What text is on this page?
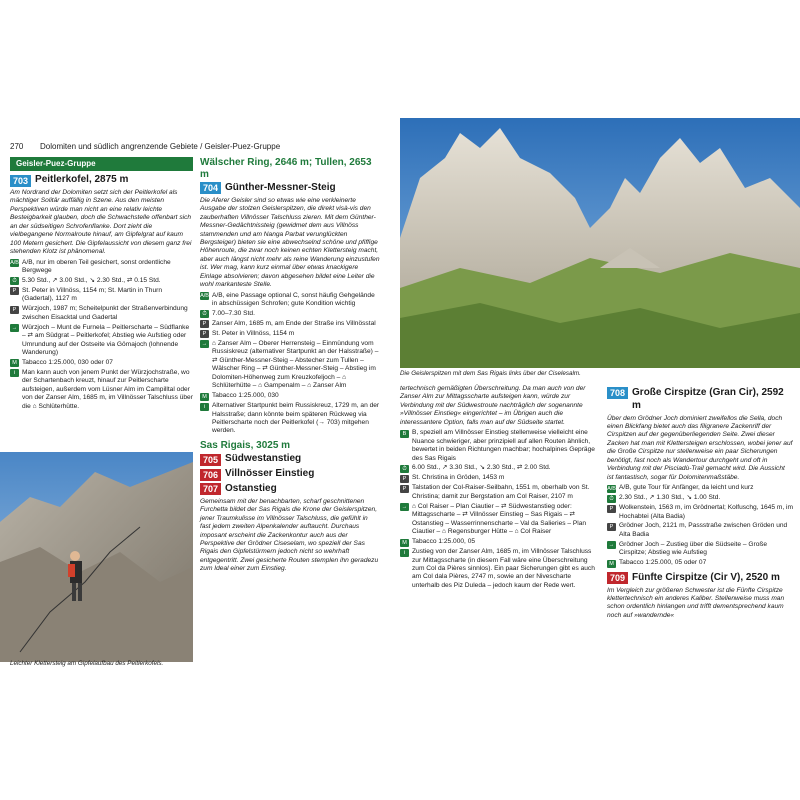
270 Dolomiten und südlich angrenzende Gebiete / Geisler-Puez-Gruppe
Geisler-Puez-Gruppe
703 Peitlerkofel, 2875 m

Am Nordrand der Dolomiten setzt sich der Peitlerkofel als mächtiger Solitär auffällig in Szene. Aus den meisten Perspektiven würde man nicht an eine relativ leichte Besteigbarkeit glauben, doch die Schwachstelle offenbart sich an der südseitigen Schrofenflanke. Dort zieht die vielbegangene Normalroute hinauf, am Gipfelgrat auf kaum 100 Metern gesichert. Die Gipfelaussicht von diesem ganz frei stehenden Klotz ist phänomenal.

A/B A/B, nur im oberen Teil gesichert, sonst ordentliche Bergwege
⏱ 5.30 Std., ↗ 3.00 Std., ↘ 2.30 Std., ⇄ 0.15 Std.
P St. Peter in Villnöss, 1154 m; St. Martin in Thurn (Gadertal), 1127 m
P Würzjoch, 1987 m; Scheitelpunkt der Straßenverbindung zwischen Eisacktal und Gadertal
→ Würzjoch – Munt de Furnela – Peitlerscharte – Südflanke – ⇄ am Südgrat – Peitlerkofel; Abstieg wie Aufstieg oder Umrundung auf der Ostseite via Gömajoch (lohnende Wanderung)
M Tabacco 1:25.000, 030 oder 07
i	Man kann auch von jenem Punkt der Würzjochstraße, wo der Schartenbach kreuzt, hinauf zur Peitlerscharte aufsteigen, außerdem vom Lüsner Alm im Campilltal oder von der Zanser Alm, 1685 m, im Villnösser Talschluss über die ⌂ Schlüterhütte.
Leichter Klettersteig am Gipfelaufbau des Peitlerkofels.
Wälscher Ring, 2646 m; Tullen, 2653 m
704 Günther-Messner-Steig

Die Aferer Geisler sind so etwas wie eine verkleinerte Ausgabe der stolzen Geislerspitzen, die direkt visà-vis den zauberhaften Villnösser Talschluss zieren. Mit dem Günther-Messner-Gedächtnissteig (gewidmet dem aus Villnöss stammenden und am Nanga Parbat verunglückten Bergsteiger) bieten sie eine abwechselnd schöne und pfiffige Höhenroute, die zwar noch keinen echten Klettersteig macht, aber auch längst nicht mehr als reine Wanderung einzustufen ist. Wer mag, kann kurz einmal über etwas knackigere Einlage absolvieren; davon abgesehen bildet eine Leiter die wohl markanteste Stelle.

A/B A/B, eine Passage optional C, sonst häufig Gehgelände in abschüssigen Schrofen; gute Kondition wichtig
⏱ 7.00–7.30 Std.
P Zanser Alm, 1685 m, am Ende der Straße ins Villnösstal
P St. Peter in Villnöss, 1154 m
→ ⌂ Zanser Alm – Oberer Herrensteig – Einmündung vom Russiskreuz (alternativer Startpunkt an der Halsstraße) – ⇄ Günther-Messner-Steig – Abstecher zum Tullen – Wälscher Ring – ⇄ Günther-Messner-Steig – Abstieg im Dolomiten-Höhenweg zum Kreuzkofeljoch – ⌂ Schlüterhütte – ⌂ Gampenalm – ⌂ Zanser Alm
M Tabacco 1:25.000, 030
i	Alternativer Startpunkt beim Russiskreuz, 1729 m, an der Halsstraße; dann könnte beim späteren Rückweg via Peitlerscharte noch der Peitlerkofel (→ 703) mitgehen werden.
Sas Rigais, 3025 m
705 Südwestanstieg
706 Villnösser Einstieg
707 Ostanstieg

Gemeinsam mit der benachbarten, scharf geschnittenen Furchetta bildet der Sas Rigais die Krone der Geislerspitzen, jener Traumkulisse im Villnösser Talschluss, die gefühlt in fast jedem zweiten Alpenkalender auftaucht. Durchaus imposant erscheint die Zackenkontur auch aus der Perspektive der Grödner Ciseselam, wo speziell der Sas Rigais den Gipfelstürmern jedoch nicht so wehrhaft entgegentritt. Zwei gesicherte Routen stemplen ihn geradezu zum Ideal einer zum Einstieg.

Die Geislerspitzen mit dem Sas Rigais links über der Ciselesalm.

tertechnisch gemäßigten Überschreitung. Da man auch von der Zanser Alm zur Mittagsscharte aufsteigen kann, würde zur Verbindung mit der Südwestroute nachträglich der sogenannte »Villnösser Einstieg« eingerichtet – im Übrigen auch die interessantere Option, falls man auf der Südseite startet.

B B, speziell am Villnösser Einstieg stellenweise vielleicht eine Nuance schwieriger, aber prinzipiell auf allen Routen ähnlich, bewertet in beiden Richtungen machbar; hochalpines Gepräge des Sas Rigais
⏱ 6.00 Std., ↗ 3.30 Std., ↘ 2.30 Std., ⇄ 2.00 Std.
P St. Christina in Gröden, 1453 m
P Talstation der Col-Raiser-Seilbahn, 1551 m, oberhalb von St. Christina; damit zur Bergstation am Col Raiser, 2107 m
→ ⌂ Col Raiser – Plan Ciautier – ⇄ Südwestanstieg oder: Mittagsscharte – ⇄ Villnösser Einstieg – Sas Rigais – ⇄ Ostanstieg – Wasserrinnenscharte – Val da Salieries – Plan Ciautier – ⌂ Regensburger Hütte – ⌂ Col Raiser
M Tabacco 1:25.000, 05
i	Zustieg von der Zanser Alm, 1685 m, im Villnösser Talschluss zur Mittagsscharte (in diesem Fall wäre eine Überschreitung zum Col da Pières sinnlos). Ein paar Sicherungen gibt es auch am Col dala Pières, 2747 m, sowie an der Nivescharte unterhalb des Piz Duleda – jedoch kaum der Rede wert.
708 Große Cirspitze (Gran Cir), 2592 m

Über dem Grödner Joch dominiert zweifellos die Sella, doch einen Blickfang bietet auch das filigranere Zackenriff der Cirspitzen auf der gegenüberliegenden Seite. Zwei dieser Zacken hat man mit Klettersteigen erschlossen, wobei jener auf die Große Cirspitze nur stellenweise ein paar Sicherungen benötigt, fast noch als Wandertour durchgeht und oft in Verbindung mit der Pisciadù-Trail gemacht wird. Die Aussicht ist fantastisch, sogar für Dolomitenmaßstäbe.

A/B A/B, gute Tour für Anfänger, da leicht und kurz
⏱ 2.30 Std., ↗ 1.30 Std., ↘ 1.00 Std.
P Wolkenstein, 1563 m, im Grödnertal; Kolfuschg, 1645 m, im Hochabtei (Alta Badia)
P Grödner Joch, 2121 m, Passstraße zwischen Gröden und Alta Badia
→ Grödner Joch – Zustieg über die Südseite – Große Cirspitze; Abstieg wie Aufstieg
M Tabacco 1:25.000, 05 oder 07
709 Fünfte Cirspitze (Cir V), 2520 m

Im Vergleich zur größeren Schwester ist die Fünfte Cirspitze klettertechnisch ein anderes Kaliber. Stellenweise muss man schon ordentlich hinlangen und trifft dementsprechend kaum noch auf »wandernde«
